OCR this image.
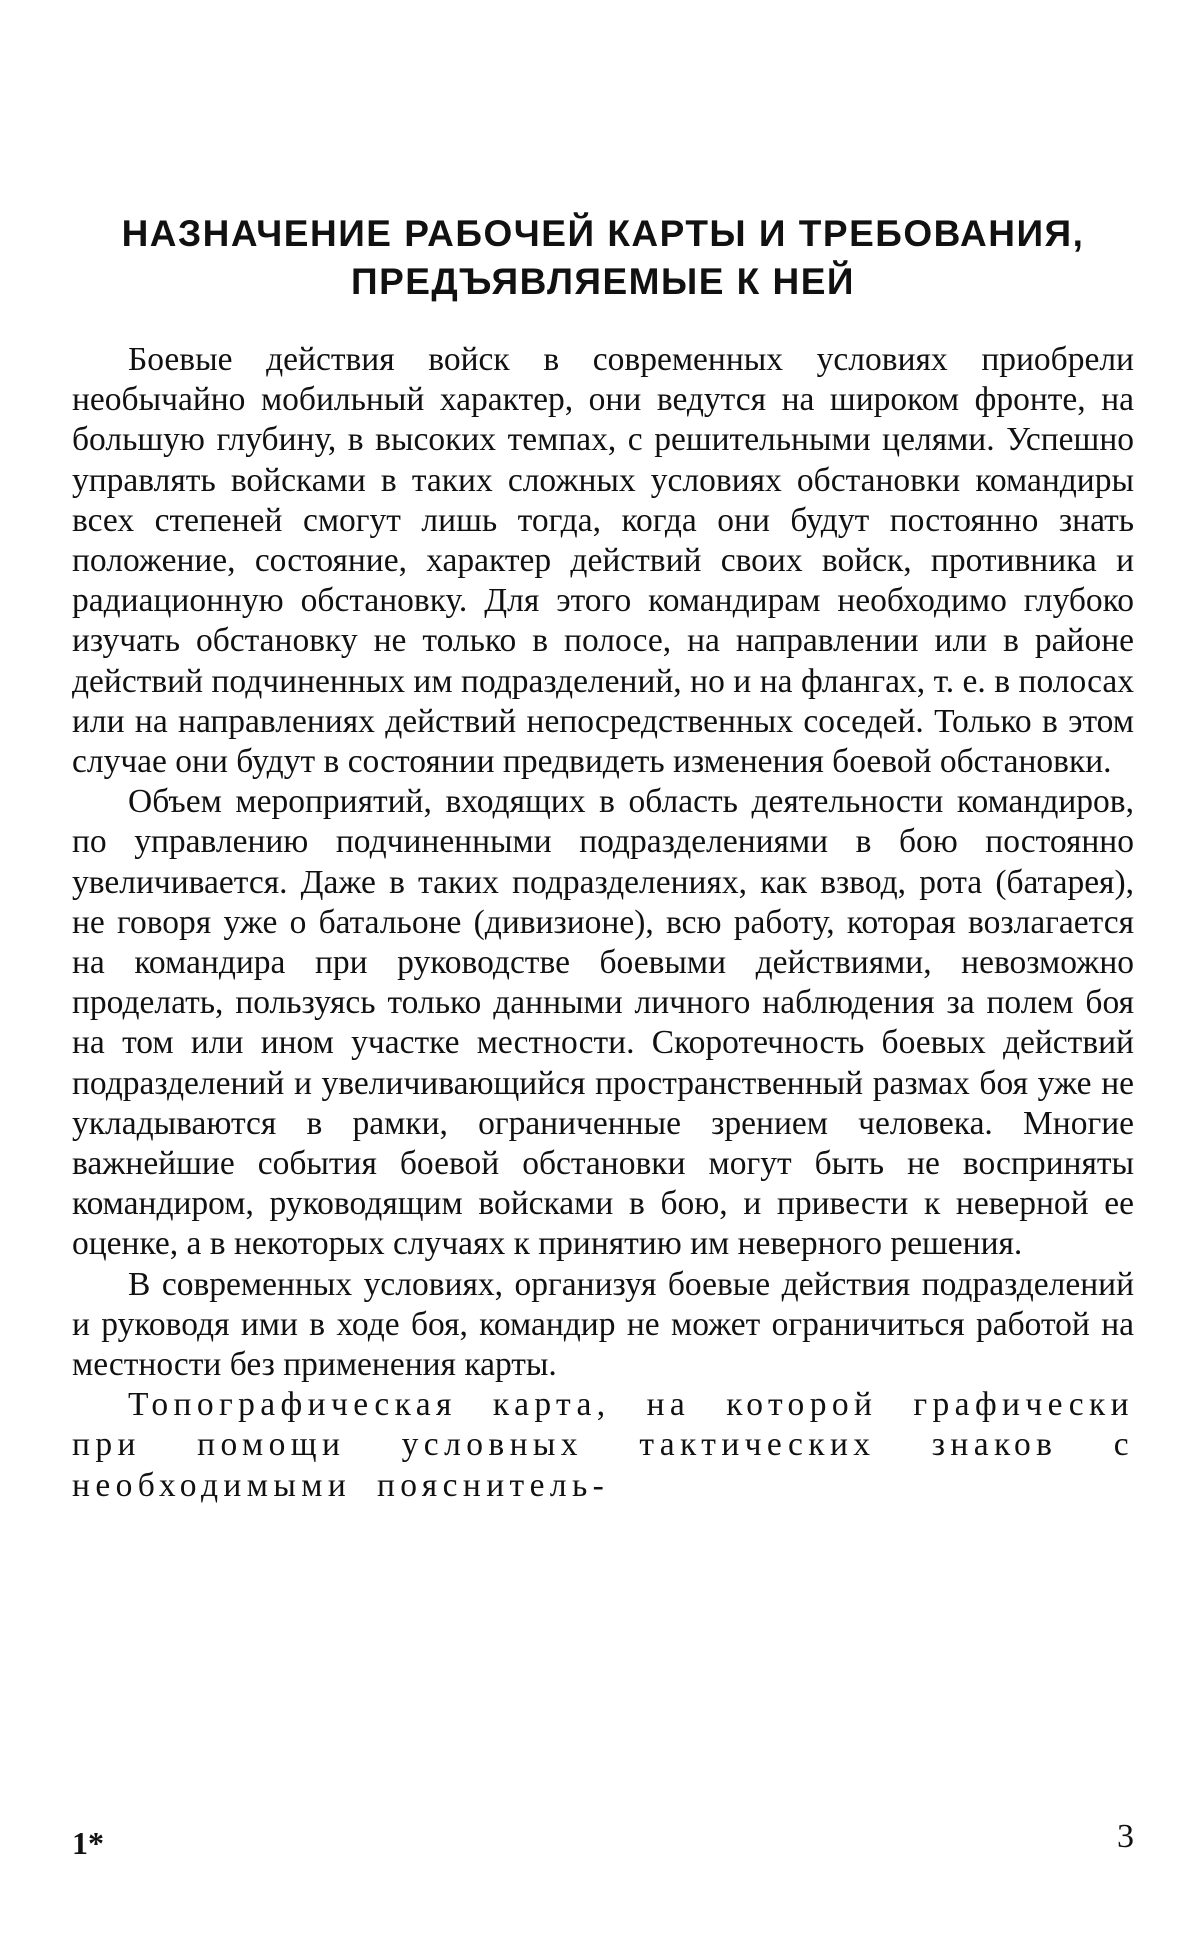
НАЗНАЧЕНИЕ РАБОЧЕЙ КАРТЫ И ТРЕБОВАНИЯ,
ПРЕДЪЯВЛЯЕМЫЕ К НЕЙ

Боевые действия войск в современных условиях приобрели необычайно мобильный характер, они ведутся на широком фронте, на большую глубину, в высоких темпах, с решительными целями. Успешно управлять войсками в таких сложных условиях обстановки командиры всех степеней смогут лишь тогда, когда они будут постоянно знать положение, состояние, характер действий своих войск, противника и радиационную обстановку. Для этого командирам необходимо глубоко изучать обстановку не только в полосе, на направлении или в районе действий подчиненных им подразделений, но и на флангах, т. е. в полосах или на направлениях действий непосредственных соседей. Только в этом случае они будут в состоянии предвидеть изменения боевой обстановки.

Объем мероприятий, входящих в область деятельности командиров, по управлению подчиненными подразделениями в бою постоянно увеличивается. Даже в таких подразделениях, как взвод, рота (батарея), не говоря уже о батальоне (дивизионе), всю работу, которая возлагается на командира при руководстве боевыми действиями, невозможно проделать, пользуясь только данными личного наблюдения за полем боя на том или ином участке местности. Скоротечность боевых действий подразделений и увеличивающийся пространственный размах боя уже не укладываются в рамки, ограниченные зрением человека. Многие важнейшие события боевой обстановки могут быть не восприняты командиром, руководящим войсками в бою, и привести к неверной ее оценке, а в некоторых случаях к принятию им неверного решения.

В современных условиях, организуя боевые действия подразделений и руководя ими в ходе боя, командир не может ограничиться работой на местности без применения карты.

Топографическая карта, на которой графически при помощи условных тактических знаков с необходимыми пояснитель-

1*	3
